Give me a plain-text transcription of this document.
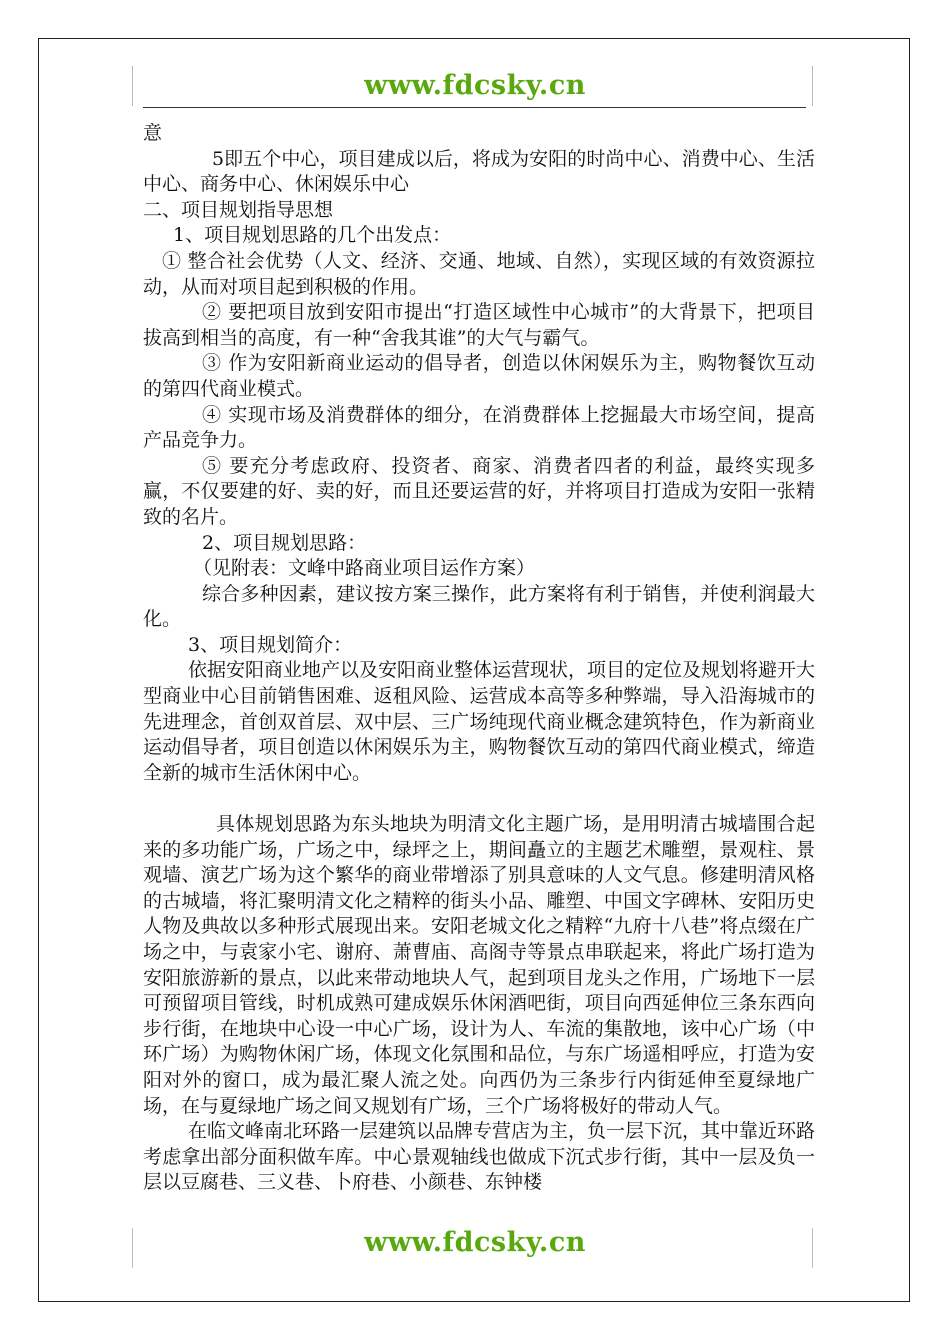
www.fdcsky.cn

意

5即五个中心，项目建成以后，将成为安阳的时尚中心、消费中心、生活中心、商务中心、休闲娱乐中心

二、项目规划指导思想

1、项目规划思路的几个出发点：

① 整合社会优势（人文、经济、交通、地域、自然），实现区域的有效资源拉动，从而对项目起到积极的作用。

② 要把项目放到安阳市提出“打造区域性中心城市”的大背景下，把项目拔高到相当的高度，有一种“舍我其谁”的大气与霸气。

③ 作为安阳新商业运动的倡导者，创造以休闲娱乐为主，购物餐饮互动的第四代商业模式。

④ 实现市场及消费群体的细分，在消费群体上挖掘最大市场空间，提高产品竞争力。

⑤ 要充分考虑政府、投资者、商家、消费者四者的利益，最终实现多赢，不仅要建的好、卖的好，而且还要运营的好，并将项目打造成为安阳一张精致的名片。

2、项目规划思路：

（见附表：文峰中路商业项目运作方案）

综合多种因素，建议按方案三操作，此方案将有利于销售，并使利润最大化。

3、项目规划简介：

依据安阳商业地产以及安阳商业整体运营现状，项目的定位及规划将避开大型商业中心目前销售困难、返租风险、运营成本高等多种弊端，导入沿海城市的先进理念，首创双首层、双中层、三广场纯现代商业概念建筑特色，作为新商业运动倡导者，项目创造以休闲娱乐为主，购物餐饮互动的第四代商业模式，缔造全新的城市生活休闲中心。

具体规划思路为东头地块为明清文化主题广场，是用明清古城墙围合起来的多功能广场，广场之中，绿坪之上，期间矗立的主题艺术雕塑，景观柱、景观墙、演艺广场为这个繁华的商业带增添了别具意味的人文气息。修建明清风格的古城墙，将汇聚明清文化之精粹的街头小品、雕塑、中国文字碑林、安阳历史人物及典故以多种形式展现出来。安阳老城文化之精粹“九府十八巷”将点缀在广场之中，与袁家小宅、谢府、萧曹庙、高阁寺等景点串联起来，将此广场打造为安阳旅游新的景点，以此来带动地块人气，起到项目龙头之作用，广场地下一层可预留项目管线，时机成熟可建成娱乐休闲酒吧街，项目向西延伸位三条东西向步行街，在地块中心设一中心广场，设计为人、车流的集散地，该中心广场（中环广场）为购物休闲广场，体现文化氛围和品位，与东广场遥相呼应，打造为安阳对外的窗口，成为最汇聚人流之处。向西仍为三条步行内街延伸至夏绿地广场，在与夏绿地广场之间又规划有广场，三个广场将极好的带动人气。

在临文峰南北环路一层建筑以品牌专营店为主，负一层下沉，其中靠近环路考虑拿出部分面积做车库。中心景观轴线也做成下沉式步行街，其中一层及负一层以豆腐巷、三义巷、卜府巷、小颜巷、东钟楼

www.fdcsky.cn
